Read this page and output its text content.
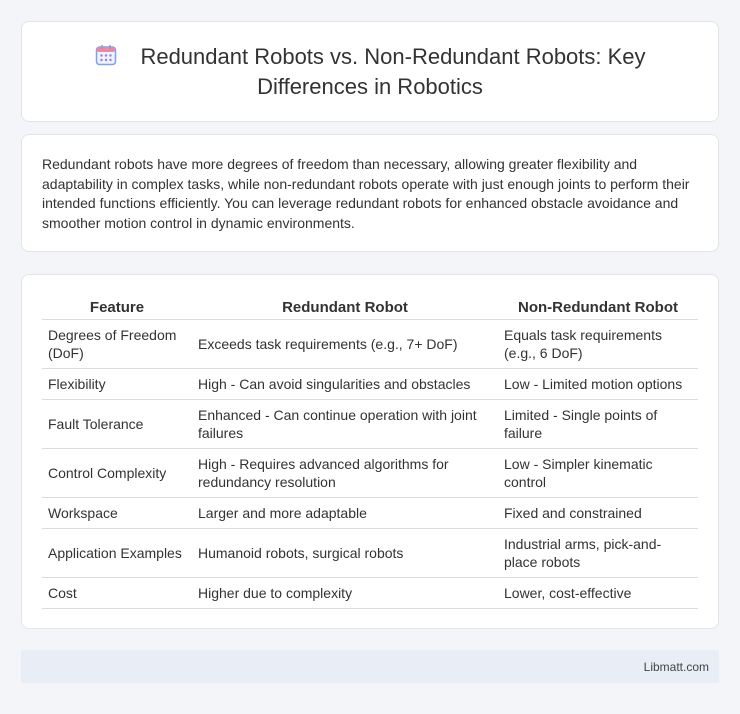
Redundant Robots vs. Non-Redundant Robots: Key Differences in Robotics

Redundant robots have more degrees of freedom than necessary, allowing greater flexibility and adaptability in complex tasks, while non-redundant robots operate with just enough joints to perform their intended functions efficiently. You can leverage redundant robots for enhanced obstacle avoidance and smoother motion control in dynamic environments.

Feature	Redundant Robot	Non-Redundant Robot
Degrees of Freedom (DoF)	Exceeds task requirements (e.g., 7+ DoF)	Equals task requirements (e.g., 6 DoF)
Flexibility	High - Can avoid singularities and obstacles	Low - Limited motion options
Fault Tolerance	Enhanced - Can continue operation with joint failures	Limited - Single points of failure
Control Complexity	High - Requires advanced algorithms for redundancy resolution	Low - Simpler kinematic control
Workspace	Larger and more adaptable	Fixed and constrained
Application Examples	Humanoid robots, surgical robots	Industrial arms, pick-and-place robots
Cost	Higher due to complexity	Lower, cost-effective
Libmatt.com
